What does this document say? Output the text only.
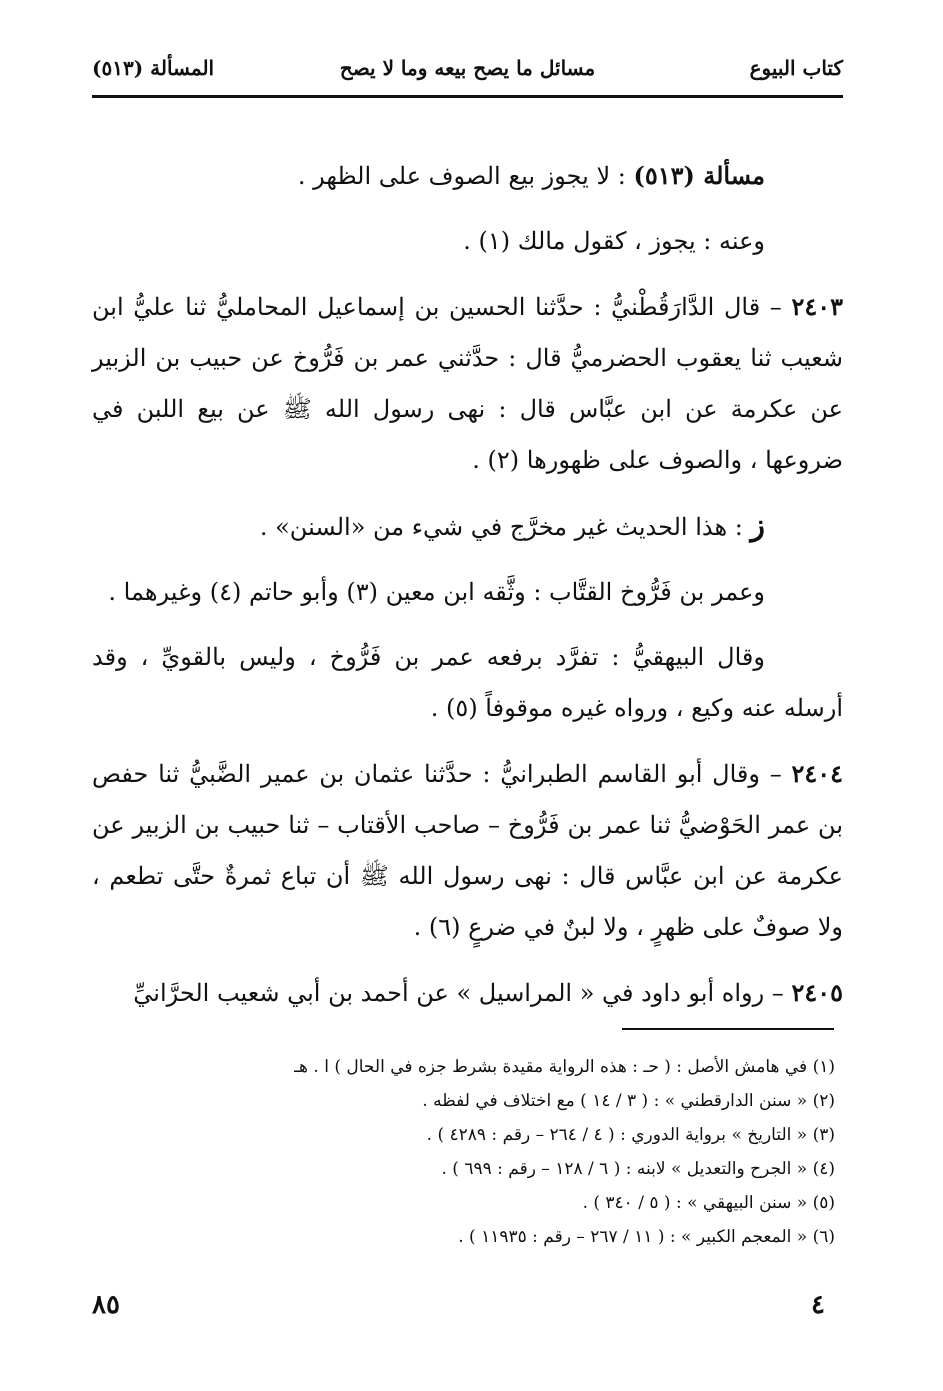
كتاب البيوع
مسائل ما يصح بيعه وما لا يصح
المسألة (٥١٣)

مسألة (٥١٣) : لا يجوز بيع الصوف على الظهر .

وعنه : يجوز ، كقول مالك (١) .

٢٤٠٣ – قال الدَّارَقُطْنيُّ : حدَّثنا الحسين بن إسماعيل المحامليُّ ثنا عليُّ ابن شعيب ثنا يعقوب الحضرميُّ قال : حدَّثني عمر بن فَرُّوخ عن حبيب بن الزبير عن عكرمة عن ابن عبَّاس قال : نهى رسول الله ﷺ عن بيع اللبن في ضروعها ، والصوف على ظهورها (٢) .

ز : هذا الحديث غير مخرَّج في شيء من «السنن» .

وعمر بن فَرُّوخ القتَّاب : وثَّقه ابن معين (٣) وأبو حاتم (٤) وغيرهما .

وقال البيهقيُّ : تفرَّد برفعه عمر بن فَرُّوخ ، وليس بالقويِّ ، وقد أرسله عنه وكيع ، ورواه غيره موقوفاً (٥) .

٢٤٠٤ – وقال أبو القاسم الطبرانيُّ : حدَّثنا عثمان بن عمير الضَّبيُّ ثنا حفص بن عمر الحَوْضيُّ ثنا عمر بن فَرُّوخ – صاحب الأقتاب – ثنا حبيب بن الزبير عن عكرمة عن ابن عبَّاس قال : نهى رسول الله ﷺ أن تباع ثمرةٌ حتَّى تطعم ، ولا صوفٌ على ظهرٍ ، ولا لبنٌ في ضرعٍ (٦) .

٢٤٠٥ – رواه أبو داود في « المراسيل » عن أحمد بن أبي شعيب الحرَّانيِّ

(١) في هامش الأصل : ( حـ : هذه الرواية مقيدة بشرط جزه في الحال ) ا . هـ
(٢) « سنن الدارقطني » : ( ٣ / ١٤ ) مع اختلاف في لفظه .
(٣) « التاريخ » برواية الدوري : ( ٤ / ٢٦٤ – رقم : ٤٢٨٩ ) .
(٤) « الجرح والتعديل » لابنه : ( ٦ / ١٢٨ – رقم : ٦٩٩ ) .
(٥) « سنن البيهقي » : ( ٥ / ٣٤٠ ) .
(٦) « المعجم الكبير » : ( ١١ / ٢٦٧ – رقم : ١١٩٣٥ ) .
٤
٨٥
